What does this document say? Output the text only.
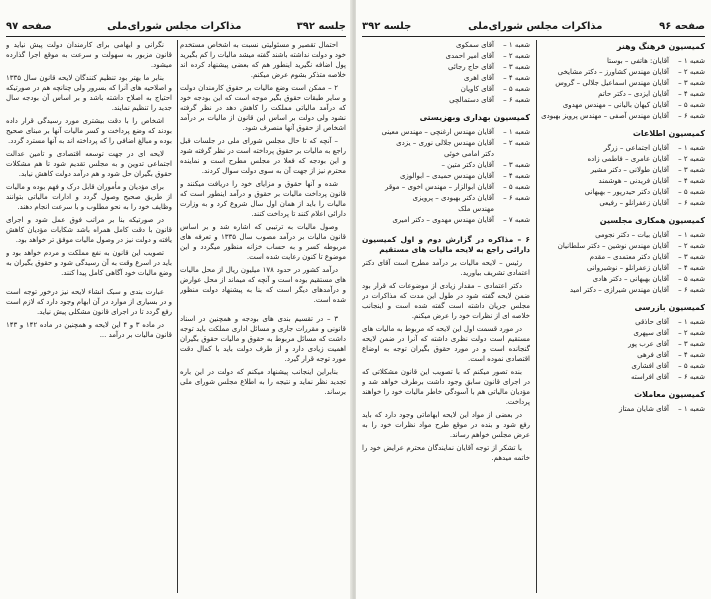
جلسه ۳۹۲
مذاکرات مجلس شورای‌ملی
صفحه ۹۷

احتمال تقصیر و مسئولیتی نسبت به اشخاص مستخدم خود و دولت نداشته باشند گفته میشد مالیات را کم بگیرید پول اضافه نگیرید اینطور هم که بعضی پیشنهاد کرده اند خلاصه متذکر بشوم عرض میکنم.

۲ – ممکن است وضع مالیات بر حقوق کارمندان دولت و سایر طبقات حقوق بگیر موجه است که این بودجه خود که درآمد مالیاتی مملکت را کاهش دهد در نظر گرفته نشود ولی دولت بر اساس این قانون از مالیات بر درآمد اشخاص از حقوق آنها منصرف شود.

– آنچه که تا حال مجلس شورای ملی در جلسات قبل راجع به مالیات بر حقوق پرداخته است در نظر گرفته شود و این بودجه که فعلا در مجلس مطرح است و نماینده محترم نیز از جهت آن به سوی دولت سوال کردند.

شده و آنها حقوق و مزایای خود را دریافت میکنند و قانون پرداخت مالیات بر حقوق و درآمد اینطور است که مالیات را باید از همان اول سال شروع کرد و به وزارت دارائی اعلام کنند تا پرداخت کنند.

وصول مالیات به ترتیبی که اشاره شد و بر اساس قانون مالیات بر درآمد مصوب سال ۱۳۳۵ و تعرفه های مربوطه کسر و به حساب خزانه منظور میگردد و این موضوع تا کنون رعایت شده است.

درآمد کشور در حدود ۱۷۸ میلیون ریال از محل مالیات های مستقیم بوده است و آنچه که میماند از محل عوارض و درآمدهای دیگر است که بنا به پیشنهاد دولت منظور شده است.

۳ – در تقسیم بندی های بودجه و همچنین در اسناد قانونی و مقررات جاری و مسائل اداری مملکت باید توجه داشت که مسائل مربوط به حقوق و مالیات حقوق بگیران اهمیت زیادی دارد و از طرف دولت باید با کمال دقت مورد توجه قرار گیرد.

بنابراین اینجانب پیشنهاد میکنم که دولت در این باره تجدید نظر نماید و نتیجه را به اطلاع مجلس شورای ملی برساند.

نگرانی و ابهامی برای کارمندان دولت پیش نیاید و قانون مزبور به سهولت و سرعت به موقع اجرا گذارده میشود.

بنابر ما بهتر بود تنظیم کنندگان لایحه قانون سال ۱۳۳۵ و اصلاحیه های آنرا که بسرور ولی چنانچه هم در صورتیکه احتیاج به اصلاح داشته باشد و بر اساس آن بودجه سال جدید را تنظیم نمایند.

اشخاص را با دقت بیشتری مورد رسیدگی قرار داده بودند که وضع پرداخت و کسر مالیات آنها بر مبنای صحیح بوده و مبالغ اضافی را که پرداخته اند به آنها مسترد گردد.

لایحه ای در جهت توسعه اقتصادی و تامین عدالت اجتماعی تدوین و به مجلس تقدیم شود تا هم مشکلات حقوق بگیران حل شود و هم درآمد دولت کاهش نیابد.

برای مؤدیان و مأموران قابل درک و فهم بوده و مالیات از طریق صحیح وصول گردد و ادارات مالیاتی بتوانند وظایف خود را به نحو مطلوب و با سرعت انجام دهند.

در صورتیکه بنا بر مراتب فوق عمل شود و اجرای قانون با دقت کامل همراه باشد شکایات مؤدیان کاهش یافته و دولت نیز در وصول مالیات موفق تر خواهد بود.

تصویب این قانون به نفع مملکت و مردم خواهد بود و باید در اسرع وقت به آن رسیدگی شود و حقوق بگیران به وضع مالیات خود آگاهی کامل پیدا کنند.

عبارت بندی و سبک انشاء لایحه نیز درخور توجه است و در بسیاری از موارد در آن ابهام وجود دارد که لازم است رفع گردد تا در اجرای قانون مشکلی پیش نیاید.

در ماده ۳ و ۴ این لایحه و همچنین در ماده ۱۴۲ و ۱۴۳ قانون مالیات بر درآمد ...

صفحه ۹۶
مذاکرات مجلس شورای‌ملی
جلسه ۳۹۲
کمیسیون فرهنگ وهنر
شعبه ۱ –
آقایان: هاتفی – بوستا
شعبه ۲ –
آقایان مهندس کشاورز – دکتر مشایخی
شعبه ۳ –
آقایان مهندس اسماعیل جلالی – گروس
شعبه ۴ –
آقایان ایزدی – دکتر حاتم
شعبه ۵ –
آقایان کیهان بالیانی – مهندس مهدوی
شعبه ۶ –
آقایان مهندس آصفی – مهندس پرویز بهبودی
کمیسیون اطلاعات
شعبه ۱ –
آقایان اجتماعی – زرگر
شعبه ۲ –
آقایان عامری – فاطمی زاده
شعبه ۳ –
آقایان طولانی – دکتر مشیر
شعبه ۴ –
آقایان فریدنی – هوشمند
شعبه ۵ –
آقایان دکتر حیدرپور – بهبهانی
شعبه ۶ –
آقایان زعفرانلو – رفیعی
کمیسیون همکاری مجلسین
شعبه ۱ –
آقایان بیات – دکتر نجومی
شعبه ۲ –
آقایان مهندس نوشین – دکتر سلطانیان
شعبه ۳ –
آقایان دکتر معتمدی – مقدم
شعبه ۴ –
آقایان زعفرانلو – نوشیروانی
شعبه ۵ –
آقایان بهبهانی – دکتر هادی
شعبه ۶ –
آقایان مهندس شیرازی – دکتر امید
کمیسیون بازرسی
شعبه ۱ –
آقای حاذقی
شعبه ۲ –
آقای سپهری
شعبه ۳ –
آقای عرب پور
شعبه ۴ –
آقای فرهی
شعبه ۵ –
آقای افشاری
شعبه ۶ –
آقای افراسته
کمیسیون معاملات
شعبه ۱ –
آقای شایان ممتاز
شعبه ۱ –
آقای سمکوی
شعبه ۲ –
آقای امیر احمدی
شعبه ۳ –
آقای حاج رجائی
شعبه ۴ –
آقای اهری
شعبه ۵ –
آقای کاویان
شعبه ۶ –
آقای دستمالچی
کمیسیون بهداری وبهزیستی
شعبه ۱ –
آقایان مهندس ارغنچی – مهندس معینی
شعبه ۲ –
آقایان مهندس جلالی نوری – یزدی
دکتر امامی خوئی
شعبه ۳ –
آقایان دکتر متین –
شعبه ۴ –
آقایان مهندس حمیدی – ابوالوزی
شعبه ۵ –
آقایان ابوالزار – مهندس اخوی – موقر
شعبه ۶ –
آقایان دکتر بهبودی – پرویزی
مهندس ملک
شعبه ۷ –
آقایان مهندس مهدوی – دکتر امیری

۶ – مذاکره در گزارش دوم و اول کمیسیون دارائی راجع به لایحه مالیات های مستقیم

رئیس – لایحه مالیات بر درآمد مطرح است آقای دکتر اعتمادی تشریف بیاورید.

دکتر اعتمادی – مقدار زیادی از موضوعات که قرار بود ضمن لایحه گفته شود در طول این مدت که مذاکرات در مجلس جریان داشته است گفته شده است و اینجانب خلاصه ای از نظرات خود را عرض میکنم.

در مورد قسمت اول این لایحه که مربوط به مالیات های مستقیم است دولت نظری داشته که آنرا در ضمن لایحه گنجانده است و در مورد حقوق بگیران توجه به اوضاع اقتصادی نموده است.

بنده تصور میکنم که با تصویب این قانون مشکلاتی که در اجرای قانون سابق وجود داشت برطرف خواهد شد و مؤدیان مالیاتی هم با آسودگی خاطر مالیات خود را خواهند پرداخت.

در بعضی از مواد این لایحه ابهاماتی وجود دارد که باید رفع شود و بنده در موقع طرح مواد نظرات خود را به عرض مجلس خواهم رساند.

با تشکر از توجه آقایان نمایندگان محترم عرایض خود را خاتمه میدهم.
